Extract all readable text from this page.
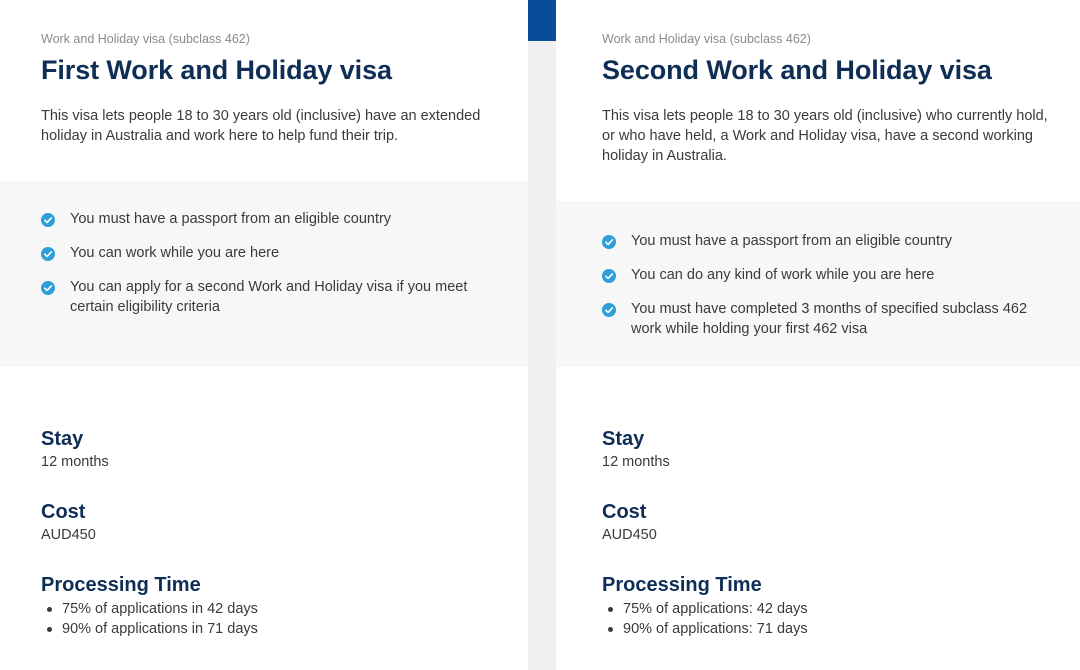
Work and Holiday visa (subclass 462)
First Work and Holiday visa

This visa lets people 18 to 30 years old (inclusive) have an extended holiday in Australia and work here to help fund their trip.

You must have a passport from an eligible country
You can work while you are here
You can apply for a second Work and Holiday visa if you meet certain eligibility criteria
Stay
12 months
Cost
AUD450
Processing Time
75% of applications in 42 days
90% of applications in 71 days
Work and Holiday visa (subclass 462)
Second Work and Holiday visa

This visa lets people 18 to 30 years old (inclusive) who currently hold, or who have held, a Work and Holiday visa, have a second working holiday in Australia.

You must have a passport from an eligible country
You can do any kind of work while you are here
You must have completed 3 months of specified subclass 462 work while holding your first 462 visa
Stay
12 months
Cost
AUD450
Processing Time
75% of applications: 42 days
90% of applications: 71 days
